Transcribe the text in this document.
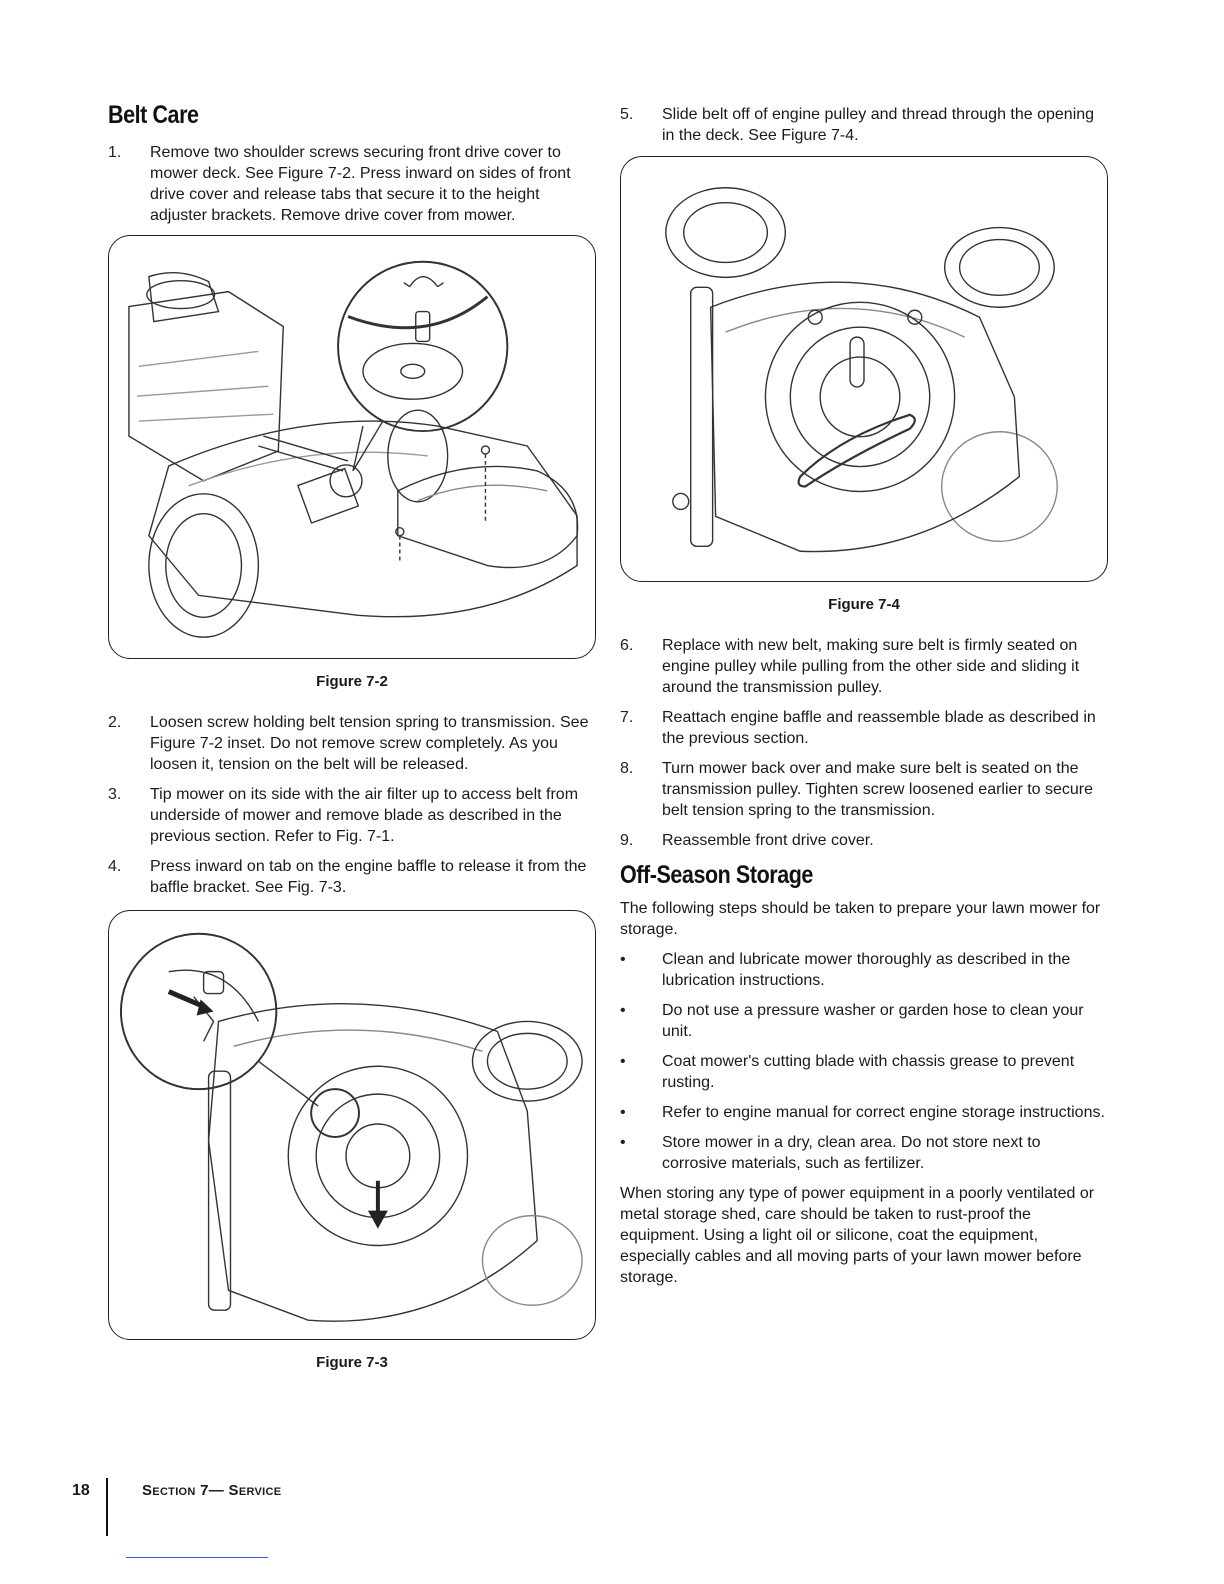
Belt Care
1.	Remove two shoulder screws securing front drive cover to mower deck. See Figure 7-2. Press inward on sides of front drive cover and release tabs that secure it to the height adjuster brackets. Remove drive cover from mower.
Figure 7-2
2.	Loosen screw holding belt tension spring to transmission. See Figure 7-2 inset. Do not remove screw completely. As you loosen it, tension on the belt will be released.
3.	Tip mower on its side with the air filter up to access belt from underside of mower and remove blade as described in the previous section. Refer to Fig. 7-1.
4.	Press inward on tab on the engine baffle to release it from the baffle bracket. See Fig. 7-3.
Figure 7-3
5.	Slide belt off of engine pulley and thread through the opening in the deck. See Figure 7-4.
Figure 7-4
6.	Replace with new belt, making sure belt is firmly seated on engine pulley while pulling from the other side and sliding it around the transmission pulley.
7.	Reattach engine baffle and reassemble blade as described in the previous section.
8.	Turn mower back over and make sure belt is seated on the transmission pulley. Tighten screw loosened earlier to secure belt tension spring to the transmission.
9.	Reassemble front drive cover.
Off-Season Storage
The following steps should be taken to prepare your lawn mower for storage.
•	Clean and lubricate mower thoroughly as described in the lubrication instructions.
•	Do not use a pressure washer or garden hose to clean your unit.
•	Coat mower's cutting blade with chassis grease to prevent rusting.
•	Refer to engine manual for correct engine storage instructions.
•	Store mower in a dry, clean area. Do not store next to corrosive materials, such as fertilizer.
When storing any type of power equipment in a poorly ventilated or metal storage shed, care should be taken to rust-proof the equipment. Using a light oil or silicone, coat the equipment, especially cables and all moving parts of your lawn mower before storage.
18	Section 7— Service
